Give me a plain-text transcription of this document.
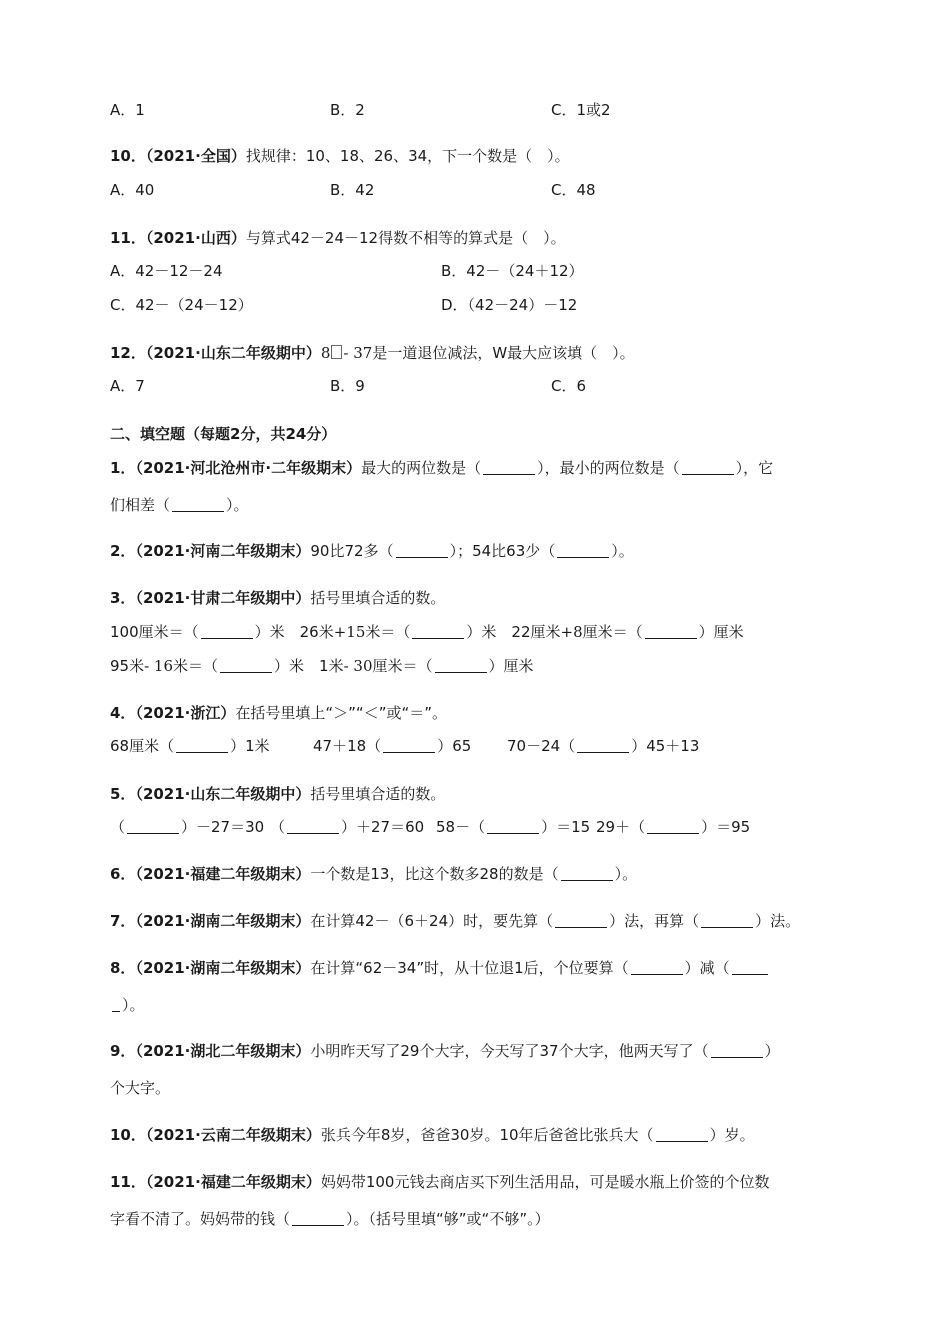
A．1	B．2	C．1或2
10．（2021·全国）找规律：10、18、26、34，下一个数是（　）。
A．40	B．42	C．48
11．（2021·山西）与算式42－24－12得数不相等的算式是（　）。
A．42－12－24	B．42－（24＋12）
C．42－（24－12）	D．（42－24）－12
12．（2021·山东二年级期中）8 - 37是一道退位减法，W最大应该填（　）。
A．7	B．9	C．6
二、填空题（每题2分，共24分）
1．（2021·河北沧州市·二年级期末）最大的两位数是（	），最小的两位数是（	），它
们相差（	）。
2．（2021·河南二年级期末）90比72多（	）；54比63少（	）。
3．（2021·甘肃二年级期中）括号里填合适的数。
100厘米＝（	）米　26米+15米＝（	）米　22厘米+8厘米＝（	）厘米
95米- 16米＝（	）米　1米- 30厘米＝（	）厘米
4．（2021·浙江）在括号里填上“＞”“＜”或“＝”。
68厘米（	）1米	47＋18（	）65 70－24（	）45＋13
5．（2021·山东二年级期中）括号里填合适的数。
（	）－27＝30 （	）＋27＝60 58－（	）＝15 29＋（	）＝95
6．（2021·福建二年级期末）一个数是13，比这个数多28的数是（	）。
7．（2021·湖南二年级期末）在计算42－（6＋24）时，要先算（	）法，再算（	）法。
8．（2021·湖南二年级期末）在计算“62－34”时，从十位退1后，个位要算（	）减（
）。
9．（2021·湖北二年级期末）小明昨天写了29个大字，今天写了37个大字，他两天写了（	）
个大字。
10．（2021·云南二年级期末）张兵今年8岁，爸爸30岁。10年后爸爸比张兵大（	）岁。
11．（2021·福建二年级期末）妈妈带100元钱去商店买下列生活用品，可是暖水瓶上价签的个位数
字看不清了。妈妈带的钱（	）。（括号里填“够”或“不够”。）
